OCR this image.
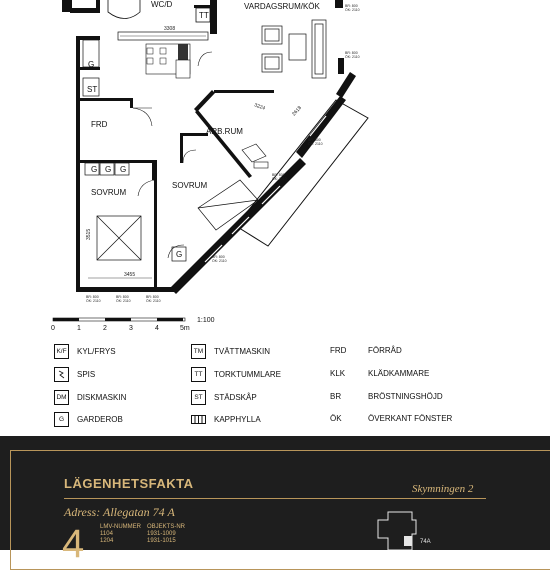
WC/D
TT
3308
VARDAGSRUM/KÖK	BR: 800
ÖK: 2110
BR: 800
ÖK: 2110
BR: 800
ÖK: 2110
G
ST
FRD
ARB.RUM
3224	2618
BR: 800
ÖK: 2110
G G G
SOVRUM
3515
3455
SOVRUM
G	BR: 800
ÖK: 2110
BR: 800
ÖK: 2110
BR: 800
ÖK: 2110
BR: 800
ÖK: 2110
0	1	2	3	4	5m
1:100
K/F	KYL/FRYS
SPIS
DM	DISKMASKIN
G	GARDEROB
TM	TVÄTTMASKIN
TT	TORKTUMMLARE
ST	STÄDSKÅP
KAPPHYLLA
FRD	FÖRRÅD
KLK	KLÄDKAMMARE
BR	BRÖSTNINGSHÖJD
ÖK	ÖVERKANT FÖNSTER
LÄGENHETSFAKTA	Skymningen 2
Adress: Allegatan 74 A
4	LMV-NUMMER OBJEKTS-NR
1104	1931-1009
1204	1931-1015	74A
